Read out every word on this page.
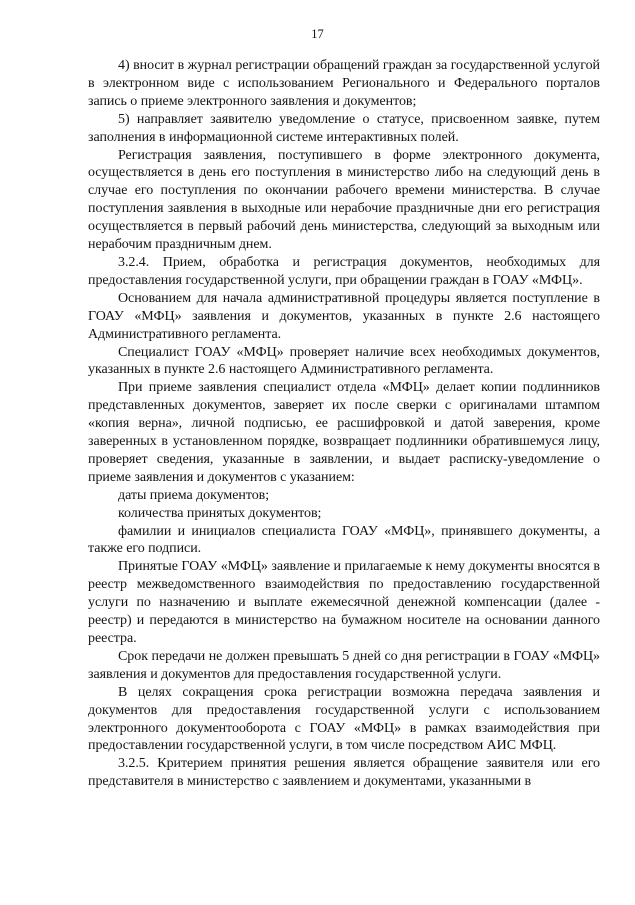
17

4) вносит в журнал регистрации обращений граждан за государственной услугой в электронном виде с использованием Регионального и Федерального порталов запись о приеме электронного заявления и документов;

5) направляет заявителю уведомление о статусе, присвоенном заявке, путем заполнения в информационной системе интерактивных полей.

Регистрация заявления, поступившего в форме электронного документа, осуществляется в день его поступления в министерство либо на следующий день в случае его поступления по окончании рабочего времени министерства. В случае поступления заявления в выходные или нерабочие праздничные дни его регистрация осуществляется в первый рабочий день министерства, следующий за выходным или нерабочим праздничным днем.

3.2.4. Прием, обработка и регистрация документов, необходимых для предоставления государственной услуги, при обращении граждан в ГОАУ «МФЦ».

Основанием для начала административной процедуры является поступление в ГОАУ «МФЦ» заявления и документов, указанных в пункте 2.6 настоящего Административного регламента.

Специалист ГОАУ «МФЦ» проверяет наличие всех необходимых документов, указанных в пункте 2.6 настоящего Административного регламента.

При приеме заявления специалист отдела «МФЦ» делает копии подлинников представленных документов, заверяет их после сверки с оригиналами штампом «копия верна», личной подписью, ее расшифровкой и датой заверения, кроме заверенных в установленном порядке, возвращает подлинники обратившемуся лицу, проверяет сведения, указанные в заявлении, и выдает расписку-уведомление о приеме заявления и документов с указанием:

даты приема документов;

количества принятых документов;

фамилии и инициалов специалиста ГОАУ «МФЦ», принявшего документы, а также его подписи.

Принятые ГОАУ «МФЦ» заявление и прилагаемые к нему документы вносятся в реестр межведомственного взаимодействия по предоставлению государственной услуги по назначению и выплате ежемесячной денежной компенсации (далее - реестр) и передаются в министерство на бумажном носителе на основании данного реестра.

Срок передачи не должен превышать 5 дней со дня регистрации в ГОАУ «МФЦ» заявления и документов для предоставления государственной услуги.

В целях сокращения срока регистрации возможна передача заявления и документов для предоставления государственной услуги с использованием электронного документооборота с ГОАУ «МФЦ» в рамках взаимодействия при предоставлении государственной услуги, в том числе посредством АИС МФЦ.

3.2.5. Критерием принятия решения является обращение заявителя или его представителя в министерство с заявлением и документами, указанными в
